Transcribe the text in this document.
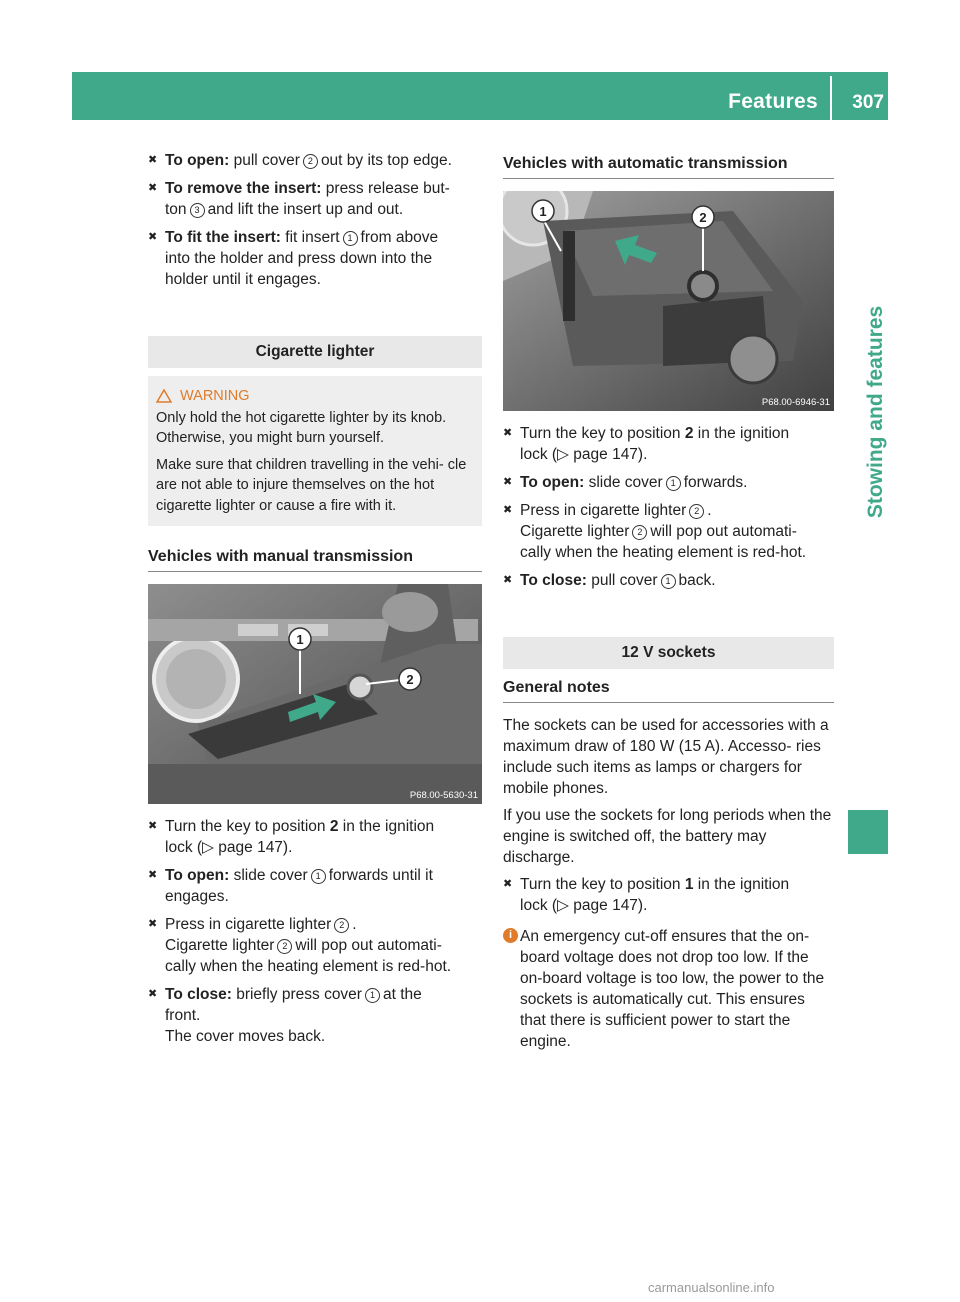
Features 307
Stowing and features
✖ To open: pull cover 2 out by its top edge.
✖ To remove the insert: press release but-
ton 3 and lift the insert up and out.
✖ To fit the insert: fit insert 1 from above
into the holder and press down into the
holder until it engages.
Cigarette lighter
WARNING

Only hold the hot cigarette lighter by its knob. Otherwise, you might burn yourself.

Make sure that children travelling in the vehi- cle are not able to injure themselves on the hot cigarette lighter or cause a fire with it.

Vehicles with manual transmission
1
2
P68.00-5630-31
✖ Turn the key to position 2 in the ignition
lock (▷ page 147).
✖ To open: slide cover 1 forwards until it
engages.
✖ Press in cigarette lighter 2 .
Cigarette lighter 2 will pop out automati-
cally when the heating element is red-hot.
✖ To close: briefly press cover 1 at the
front.
The cover moves back.
Vehicles with automatic transmission
1	2
P68.00-6946-31
✖ Turn the key to position 2 in the ignition
lock (▷ page 147).
✖ To open: slide cover 1 forwards.
✖ Press in cigarette lighter 2 .
Cigarette lighter 2 will pop out automati-
cally when the heating element is red-hot.
✖ To close: pull cover 1 back.
12 V sockets
General notes

The sockets can be used for accessories with a maximum draw of 180 W (15 A). Accesso- ries include such items as lamps or chargers for mobile phones.

If you use the sockets for long periods when the engine is switched off, the battery may discharge.

✖ Turn the key to position 1 in the ignition
lock (▷ page 147).
i An emergency cut-off ensures that the on- board voltage does not drop too low. If the on-board voltage is too low, the power to the sockets is automatically cut. This ensures that there is sufficient power to start the engine.
carmanualsonline.info
